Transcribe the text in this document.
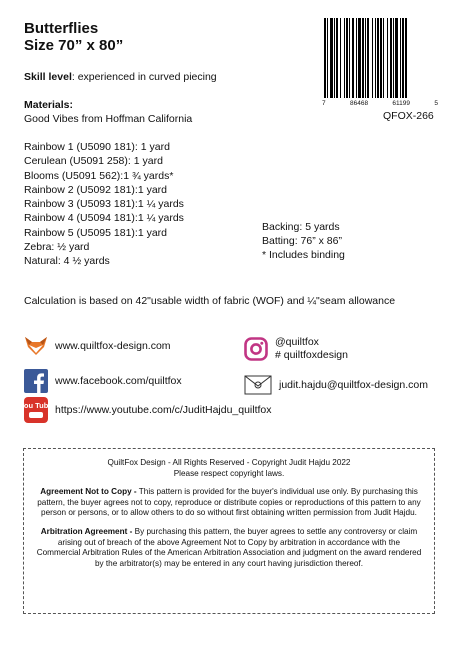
Butterflies
Size 70” x 80”
7	86468	61199	5
QFOX-266
Skill level: experienced in curved piecing
Materials:
Good Vibes from Hoffman California
Rainbow 1 (U5090 181): 1 yard
Cerulean (U5091 258): 1 yard
Blooms (U5091 562):1 ¾ yards*
Rainbow 2 (U5092 181):1 yard
Rainbow 3 (U5093 181):1 ¼ yards
Rainbow 4 (U5094 181):1 ¼ yards
Rainbow 5 (U5095 181):1 yard
Zebra: ½ yard
Natural: 4 ½ yards
Backing: 5 yards
Batting: 76” x 86”
* Includes binding
Calculation is based on 42"usable width of fabric (WOF) and ¼"seam allowance
www.quiltfox-design.com
www.facebook.com/quiltfox
You Tube https://www.youtube.com/c/JuditHajdu_quiltfox
@quiltfox
# quiltfoxdesign
judit.hajdu@quiltfox-design.com

QuiltFox Design - All Rights Reserved - Copyright Judit Hajdu 2022
Please respect copyright laws.

Agreement Not to Copy - This pattern is provided for the buyer's individual use only. By purchasing this pattern, the buyer agrees not to copy, reproduce or distribute copies or reproductions of this pattern to any person or persons, or to allow others to do so without first obtaining written permission from Judit Hajdu.

Arbitration Agreement - By purchasing this pattern, the buyer agrees to settle any controversy or claim arising out of breach of the above Agreement Not to Copy by arbitration in accordance with the Commercial Arbitration Rules of the American Arbitration Association and judgment on the award rendered by the arbitrator(s) may be entered in any court having jurisdiction thereof.
